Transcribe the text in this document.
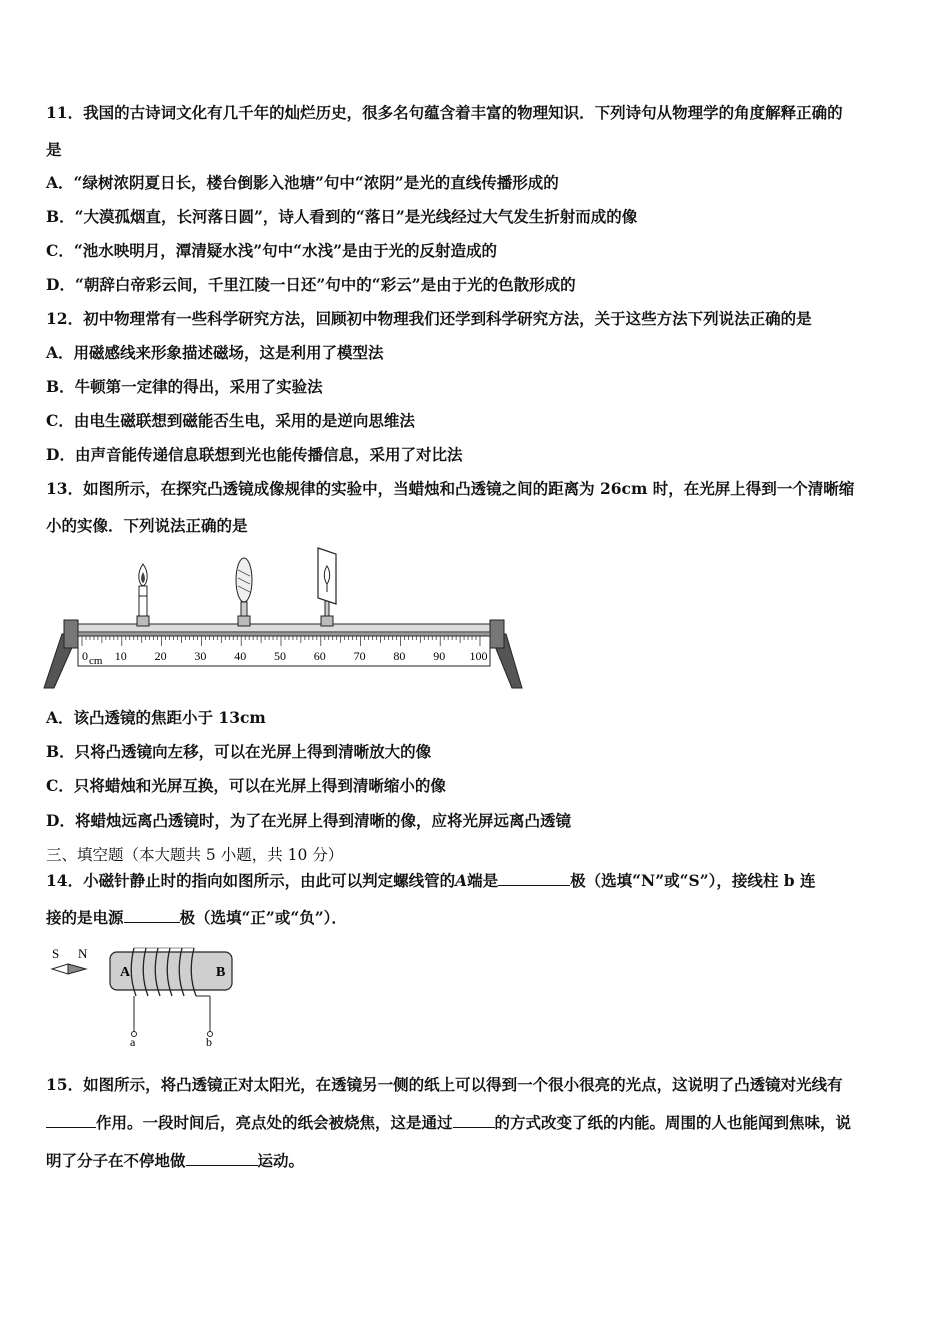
11．我国的古诗词文化有几千年的灿烂历史，很多名句蕴含着丰富的物理知识．下列诗句从物理学的角度解释正确的
是
A．“绿树浓阴夏日长，楼台倒影入池塘”句中“浓阴”是光的直线传播形成的
B．“大漠孤烟直，长河落日圆”，诗人看到的“落日”是光线经过大气发生折射而成的像
C．“池水映明月，潭清疑水浅”句中“水浅”是由于光的反射造成的
D．“朝辞白帝彩云间，千里江陵一日还”句中的“彩云”是由于光的色散形成的
12．初中物理常有一些科学研究方法，回顾初中物理我们还学到科学研究方法，关于这些方法下列说法正确的是
A．用磁感线来形象描述磁场，这是利用了模型法
B．牛顿第一定律的得出，采用了实验法
C．由电生磁联想到磁能否生电，采用的是逆向思维法
D．由声音能传递信息联想到光也能传播信息，采用了对比法
13．如图所示，在探究凸透镜成像规律的实验中，当蜡烛和凸透镜之间的距离为 26cm 时，在光屏上得到一个清晰缩
小的实像．下列说法正确的是
0 10 20 30 40 50 60 70 80 90 100
cm
A．该凸透镜的焦距小于 13cm
B．只将凸透镜向左移，可以在光屏上得到清晰放大的像
C．只将蜡烛和光屏互换，可以在光屏上得到清晰缩小的像
D．将蜡烛远离凸透镜时，为了在光屏上得到清晰的像，应将光屏远离凸透镜
三、填空题（本大题共 5 小题，共 10 分）
14．小磁针静止时的指向如图所示，由此可以判定螺线管的A端是	极（选填“N”或“S”），接线柱 b 连
接的是电源	极（选填“正”或“负”）．
S N
A	B
a	b
15．如图所示，将凸透镜正对太阳光，在透镜另一侧的纸上可以得到一个很小很亮的光点，这说明了凸透镜对光线有
作用。一段时间后，亮点处的纸会被烧焦，这是通过	的方式改变了纸的内能。周围的人也能闻到焦味，说
明了分子在不停地做	运动。
